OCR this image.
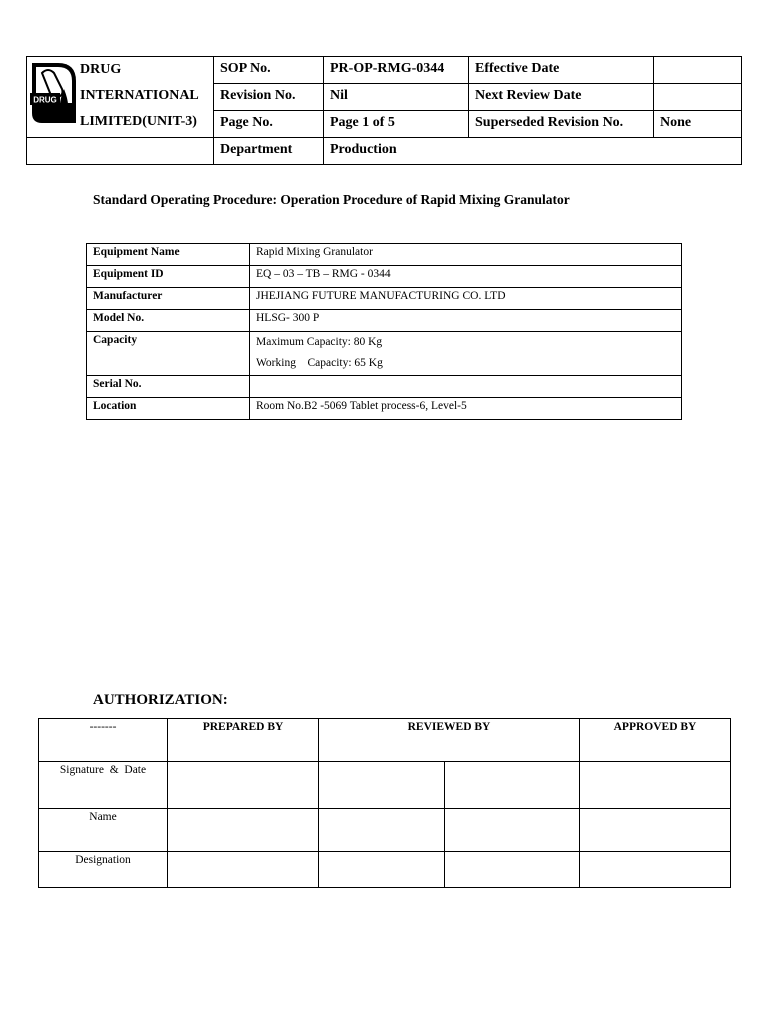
DRUG
DRUG
INTERNATIONAL
LIMITED(UNIT-3)	SOP No.	PR-OP-RMG-0344	Effective Date	
	Revision No.	Nil	Next Review Date	
	Page No.	Page 1 of 5	Superseded Revision No.	None
	Department	Production		
Standard Operating Procedure: Operation Procedure of Rapid Mixing Granulator
Equipment Name	Rapid Mixing Granulator
Equipment ID	EQ – 03 – TB – RMG - 0344
Manufacturer	JHEJIANG FUTURE MANUFACTURING CO. LTD
Model No.	HLSG- 300 P
Capacity	Maximum Capacity: 80 Kg
Working    Capacity: 65 Kg

Serial No.	
Location	Room No.B2 -5069 Tablet process-6, Level-5
AUTHORIZATION:
-------	PREPARED BY	REVIEWED BY		APPROVED BY
Signature  &  Date				
Name				
Designation				
